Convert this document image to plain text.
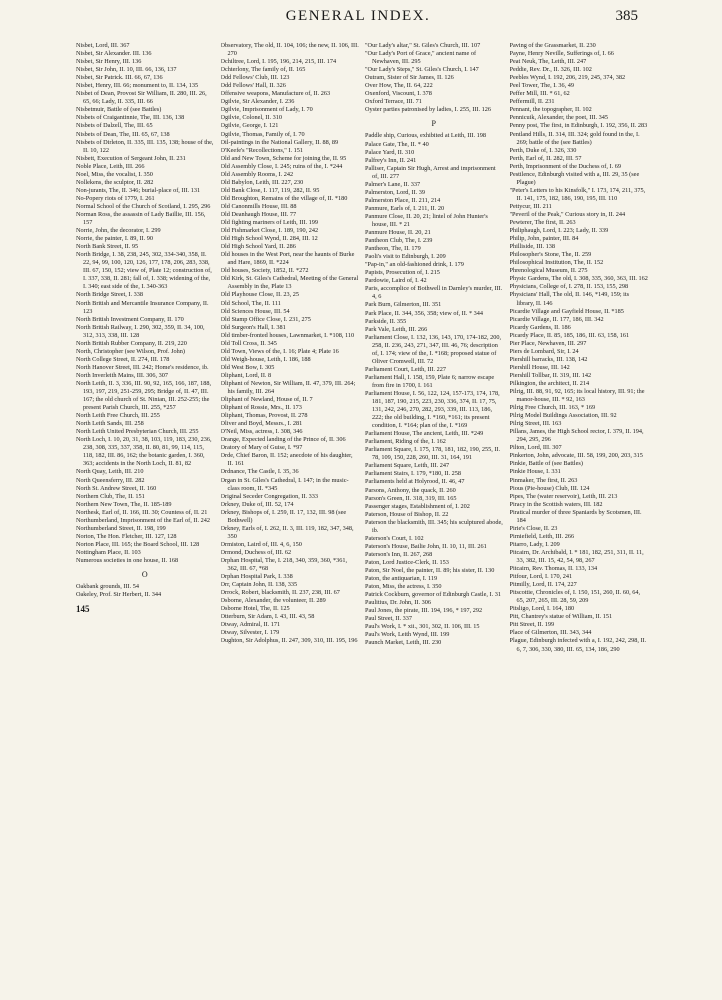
GENERAL INDEX.	385

Nisbet, Lord, III. 367

Nisbet, Sir Alexander. III. 136

Nisbet, Sir Henry, III. 136

Nisbet, Sir John, II. 10, III. 66, 136, 137

Nisbet, Sir Patrick. III. 66, 67, 136

Nisbet, Henry, III. 66; monument to, II. 134, 135

Nisbet of Dean, Provost Sir William, II. 280, III. 26, 65, 66; Lady, II. 335, III. 66

Nisbetmuir, Battle of (see Battles)

Nisbets of Craigantinnie, The, III. 136, 138

Nisbets of Dalzell, The, III. 65

Nisbets of Dean, The, III. 65, 67, 138

Nisbets of Dirleton, II. 335, III. 135, 138; house of the, II. 10, 122

Nisbett, Execution of Sergeant John, II. 231

Noble Place, Leith, III. 266

Noel, Miss, the vocalist, I. 350

Nollekens, the sculptor, II. 282

Non-jurants, The, II. 346; burial-place of, III. 131

No-Popery riots of 1779, I. 261

Normal School of the Church of Scotland, I. 295, 296

Norman Ross, the assassin of Lady Baillie, III. 156, 157

Norrie, John, the decorator, I. 299

Norrie, the painter, I. 89, II. 90

North Bank Street, II. 95

North Bridge, I. 38, 238, 245, 302, 334-340, 358, II. 22, 94, 99, 100, 120, 126, 177, 178, 206, 283, 338, III. 67, 150, 152; view of, Plate 12; construction of, I. 337, 338, II. 281; fall of, I. 338; widening of the, I. 340; east side of the, I. 340-363

North Bridge Street, I. 338

North British and Mercantile Insurance Company, II. 123

North British Investment Company, II. 170

North British Railway, I. 290, 302, 359, II. 34, 100, 312, 313, 338, III. 128

North British Rubber Company, II. 219, 220

North, Christopher (see Wilson, Prof. John)

North College Street, II. 274, III. 178

North Hanover Street, III. 242; Home's residence, ib.

North Inverleith Mains, III. 306, 307

North Leith, II. 3, 336, III. 90, 92, 165, 166, 187, 188, 193, 197, 219, 251-259, 295; Bridge of, II. 47, III. 167; the old church of St. Ninian, III. 252-255; the present Parish Church, III. 255, *257

North Leith Free Church, III. 255

North Leith Sands, III. 258

North Leith United Presbyterian Church, III. 255

North Loch, I. 10, 20, 31, 38, 103, 119, 183, 230, 236, 238, 308, 335, 337, 358, II. 80, 81, 99, 114, 115, 118, 182, III. 86, 162; the botanic garden, I. 360, 363; accidents in the North Loch, II. 81, 82

North Quay, Leith, III. 210

North Queensferry, III. 282

North St. Andrew Street, II. 160

Northern Club, The, II. 151

Northern New Town, The, II. 185-189

Northesk, Earl of, II. 166, III. 30; Countess of, II. 21

Northumberland, Imprisonment of the Earl of, II. 242

Northumberland Street, II. 198, 199

Norton, The Hon. Fletcher, III. 127, 128

Norton Place, III. 165; the Board School, III. 128

Nottingham Place, II. 103

Numerous societies in one house, II. 168

O

Oakbank grounds, III. 54

Oakeley, Prof. Sir Herbert, II. 344

145

Observatory, The old, II. 104, 106; the new, II. 106, III. 270

Ochiltree, Lord, I. 195, 196, 214, 215, III. 174

Ochterlony, The family of, II. 165

Odd Fellows' Club, III. 123

Odd Fellows' Hall, II. 326

Offensive weapons, Manufacture of, II. 263

Ogilvie, Sir Alexander, I. 236

Ogilvie, Imprisonment of Lady, I. 70

Ogilvie, Colonel, II. 310

Ogilvie, George, I. 121

Ogilvie, Thomas, Family of, I. 70

Oil-paintings in the National Gallery, II. 88, 89

O'Keefe's "Recollections," I. 151

Old and New Town, Scheme for joining the, II. 95

Old Assembly Close, I. 245; ruins of the, I. *244

Old Assembly Rooms, I. 242

Old Babylon, Leith, III. 227, 230

Old Bank Close, I. 117, 119, 282, II. 95

Old Broughton, Remains of the village of, II. *180

Old Canonmills House, III. 88

Old Deanhaugh House, III. 77

Old fighting mariners of Leith, III. 199

Old Fishmarket Close, I. 189, 190, 242

Old High School Wynd, II. 284, III. 12

Old High School Yard, II. 286

Old houses in the West Port, near the haunts of Burke and Hare, 1869, II. *224

Old houses, Society, 1852, II. *272

Old Kirk, St. Giles's Cathedral, Meeting of the General Assembly in the, Plate 13

Old Playhouse Close, II. 23, 25

Old School, The, II. 111

Old Sciences House, III. 54

Old Stamp Office Close, I. 231, 275

Old Surgeon's Hall, I. 381

Old timber-fronted houses, Lawnmarket, I. *108, 110

Old Toll Cross, II. 345

Old Town, Views of the, I. 16; Plate 4; Plate 16

Old Weigh-house, Leith, I. 186, 188

Old West Bow, I. 305

Oliphant, Lord, II. 8

Oliphant of Newton, Sir William, II. 47, 379, III. 264; his family, III. 264

Oliphant of Newland, House of, II. 7

Oliphant of Rossie, Mrs., II. 173

Oliphant, Thomas, Provost, II. 278

Oliver and Boyd, Messrs., I. 281

O'Neil, Miss, actress, I. 308, 346

Orange, Expected landing of the Prince of, II. 306

Oratory of Mary of Guise, I. *97

Orde, Chief Baron, II. 152; anecdote of his daughter, II. 161

Ordnance, The Castle, I. 35, 36

Organ in St. Giles's Cathedral, I. 147; in the music-class room, II. *345

Original Seceder Congregation, II. 333

Orkney, Duke of, III. 52, 174

Orkney, Bishops of, I. 259, II. 17, 132, III. 98 (see Bothwell)

Orkney, Earls of, I. 262, II. 3, III. 119, 182, 347, 348, 350

Ormiston, Laird of, III. 4, 6, 150

Ormond, Duchess of, III. 62

Orphan Hospital, The, I. 218, 340, 359, 360, *361, 362, III. 67, *68

Orphan Hospital Park, I. 338

Orr, Captain John, II. 138, 335

Orrock, Robert, blacksmith, II. 237, 238, III. 67

Osborne, Alexander, the volunteer, II. 289

Osborne Hotel, The, II. 125

Otterburn, Sir Adam, I. 43, III. 43, 58

Otway, Admiral, II. 171

Otway, Silvester, I. 179

Oughton, Sir Adolphus, II. 247, 309, 310, III. 195, 196

"Our Lady's altar," St. Giles's Church, III. 107

"Our Lady's Port of Grace," ancient name of Newhaven, III. 295

"Our Lady's Steps," St. Giles's Church, I. 147

Outram, Sister of Sir James, II. 126

Over How, The, II. 64, 222

Oxenford, Viscount, I. 378

Oxford Terrace, III. 71

Oyster parties patronised by ladies, I. 255, III. 126

P

Paddle ship, Curious, exhibited at Leith, III. 198

Palace Gate, The, II. * 40

Palace Yard, II. 310

Palfrey's Inn, II. 241

Palliser, Captain Sir Hugh, Arrest and imprisonment of, III. 277

Palmer's Lane, II. 337

Palmerston, Lord, II. 39

Palmerston Place, II. 211, 214

Panmure, Earls of, I. 211, II. 20

Panmure Close, II. 20, 21; lintel of John Hunter's house, III. * 21

Panmure House, II. 20, 21

Pantheon Club, The, I. 239

Pantheon, The, II. 179

Paoli's visit to Edinburgh, I. 209

"Pap-in," an old-fashioned drink, I. 179

Papists, Prosecution of, I. 215

Pardowie, Laird of, I. 42

Paris, accomplice of Bothwell in Darnley's murder, III. 4, 6

Park Burn, Gilmerton, III. 351

Park Place, II. 344, 356, 358; view of, II. * 344

Parkside, II. 355

Park Vale, Leith, III. 266

Parliament Close, I. 132, 136, 143, 170, 174-182, 200, 258, II. 236, 243, 271, 347, III. 46, 76; description of, I. 174; view of the, I. *168; proposed statue of Oliver Cromwell, III. 72

Parliament Court, Leith, III. 227

Parliament Hall, I. 158, 159, Plate 6; narrow escape from fire in 1700, I. 161

Parliament House, I. 56, 122, 124, 157-173, 174, 178, 181, 187, 190, 215, 223, 230, 336, 374, II. 17, 75, 131, 242, 246, 270, 282, 293, 339, III. 113, 186, 222; the old building, I. *160, *161; its present condition, I. *164; plan of the, I. *169

Parliament House, The ancient, Leith, III. *249

Parliament, Riding of the, I. 162

Parliament Square, I. 175, 178, 181, 182, 190, 255, II. 78, 109, 150, 228, 260, III. 31, 164, 191

Parliament Square, Leith, III. 247

Parliament Stairs, I. 179, *180, II. 258

Parliaments held at Holyrood, II. 46, 47

Parsons, Anthony, the quack, II. 260

Parson's Green, II. 318, 319, III. 165

Passenger stages, Establishment of, I. 202

Paterson, House of Bishop, II. 22

Paterson the blacksmith, III. 345; his sculptured abode, ib.

Paterson's Court, I. 102

Paterson's House, Bailie John, II. 10, 11, III. 261

Paterson's Inn, II. 267, 268

Paton, Lord Justice-Clerk, II. 153

Paton, Sir Noel, the painter, II. 89; his sister, II. 130

Paton, the antiquarian, I. 119

Paton, Miss, the actress, I. 350

Patrick Cockburn, governor of Edinburgh Castle, I. 31

Paulitius, Dr. John, II. 306

Paul Jones, the pirate, III. 194, 196, * 197, 292

Paul Street, II. 337

Paul's Work, I. * xii., 301, 302, II. 106, III. 15

Paul's Work, Leith Wynd, III. 199

Paunch Market, Leith, III. 230

Paving of the Grassmarket, II. 230

Payne, Henry Neville, Sufferings of, I. 66

Peat Neuk, The, Leith, III. 247

Peddie, Rev. Dr., II. 326, III. 102

Peebles Wynd, I. 192, 206, 219, 245, 374, 382

Peel Tower, The, I. 36, 49

Peffer Mill, III. * 61, 62

Peffermill, II. 231

Pennant, the topographer, II. 102

Pennicuik, Alexander, the poet, III. 345

Penny post, The first, in Edinburgh, I. 192, 356, II. 283

Pentland Hills, II. 314, III. 324; gold found in the, I. 269; battle of the (see Battles)

Perth, Duke of, I. 326, 330

Perth, Earl of, II. 282, III. 57

Perth, Imprisonment of the Duchess of, I. 69

Pestilence, Edinburgh visited with a, III. 29, 35 (see Plague)

"Peter's Letters to his Kinsfolk," I. 173, 174, 211, 375, II. 141, 175, 182, 186, 190, 195, III. 110

Pettycur, III. 211

"Peveril of the Peak," Curious story in, II. 244

Pewterer, The first, II. 263

Philiphaugh, Lord, I. 223; Lady, II. 339

Philip, John, painter, III. 84

Philliside, III. 138

Philosopher's Stone, The, II. 259

Philosophical Institution, The, II. 152

Phrenological Museum, II. 275

Physic Gardens, The old, I. 308, 335, 360, 363, III. 162

Physicians, College of, I. 278, II. 153, 155, 298

Physicians' Hall, The old, II. 146, *149, 159; its library, II. 146

Picardie Village and Gayfield House, II. *185

Picardie Village, II. 177, 186, III. 342

Picardy Gardens, II. 186

Picardy Place, II. 85, 185, 186, III. 63, 158, 161

Pier Place, Newhaven, III. 297

Piers de Lombard, Sir, I. 24

Piershill barracks, III. 138, 142

Piershill House, III. 142

Piershill Tollbar, II. 319, III. 142

Pilkington, the architect, II. 214

Pilrig, III. 88, 91, 92, 165; its local history, III. 91; the manor-house, III. * 92, 163

Pilrig Free Church, III. 163, * 169

Pilrig Model Buildings Association, III. 92

Pilrig Street, III. 163

Pillans, James, the High School rector, I. 379, II. 194, 294, 295, 296

Pilton, Lord, III. 307

Pinkerton, John, advocate, III. 58, 199, 200, 203, 315

Pinkie, Battle of (see Battles)

Pinkie House, I. 331

Pinmaker, The first, II. 263

Pious (Pie-house) Club, III. 124

Pipes, The (water reservoir), Leith, III. 213

Piracy in the Scottish waters, III. 182

Piratical murder of three Spaniards by Scotsmen, III. 184

Pirie's Close, II. 23

Pirniefield, Leith, III. 266

Pitarro, Lady, I. 209

Pitcairn, Dr. Archibald, I. * 181, 182, 251, 311, II. 11, 33, 382, III. 15, 42, 54, 98, 267

Pitcairn, Rev. Thomas, II. 133, 134

Pitfour, Lord, I. 170, 241

Pitmilly, Lord, II. 174, 227

Pitscottie, Chronicles of, I. 150, 151, 260, II. 60, 64, 65, 207, 265, III. 28, 59, 209

Pitsligo, Lord, I. 164, 180

Pitt, Chantrey's statue of William, II. 151

Pitt Street, II. 199

Place of Gilmerton, III. 343, 344

Plague, Edinburgh infected with a, I. 192, 242, 298, II. 6, 7, 306, 330, 380, III. 65, 134, 186, 290
